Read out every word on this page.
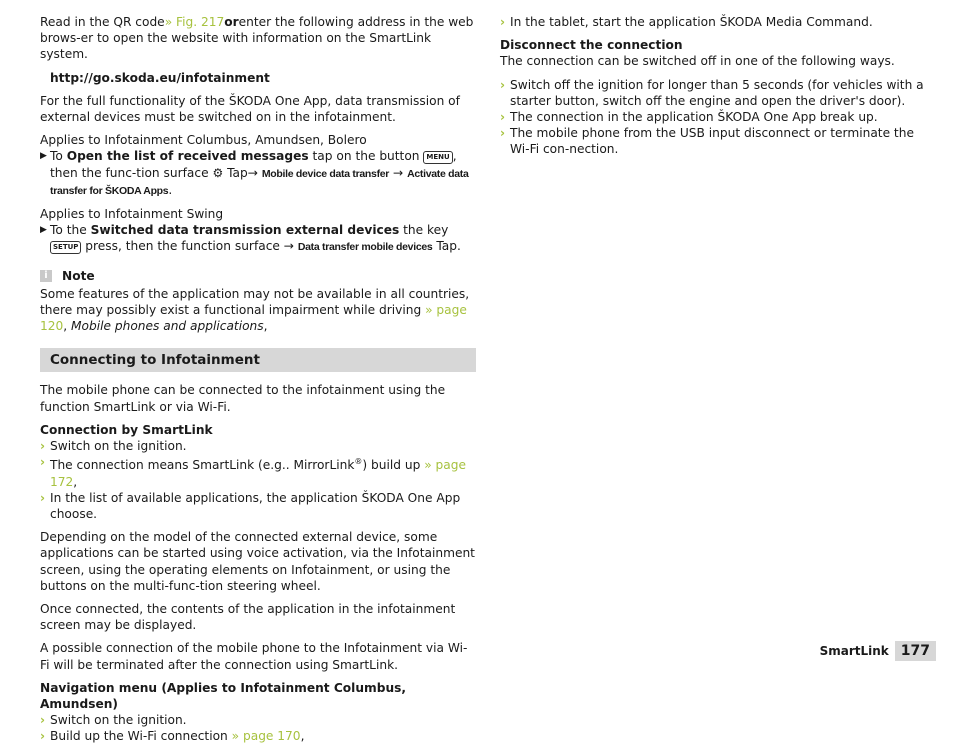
Read in the QR code» Fig. 217orenter the following address in the web brows-er to open the website with information on the SmartLink system.

http://go.skoda.eu/infotainment

For the full functionality of the ŠKODA One App, data transmission of external devices must be switched on in the infotainment.

Applies to Infotainment Columbus, Amundsen, Bolero

▶ To Open the list of received messages tap on the button MENU , then the func-tion surface ⚙ Tap→ Mobile device data transfer → Activate data transfer for ŠKODA Apps.

Applies to Infotainment Swing

▶ To the Switched data transmission external devices the key SETUP press, then the function surface → Data transfer mobile devices Tap.
i	Note

Some features of the application may not be available in all countries, there may possibly exist a functional impairment while driving » page 120, Mobile phones and applications,

Connecting to Infotainment

The mobile phone can be connected to the infotainment using the function SmartLink or via Wi-Fi.

Connection by SmartLink

› Switch on the ignition.
› The connection means SmartLink (e.g.. MirrorLink®) build up » page 172,
› In the list of available applications, the application ŠKODA One App choose.

Depending on the model of the connected external device, some applications can be started using voice activation, via the Infotainment screen, using the operating elements on Infotainment, or using the buttons on the multi-func-tion steering wheel.

Once connected, the contents of the application in the infotainment screen may be displayed.

A possible connection of the mobile phone to the Infotainment via Wi-Fi will be terminated after the connection using SmartLink.

Navigation menu (Applies to Infotainment Columbus, Amundsen)

› Switch on the ignition.
› Build up the Wi-Fi connection » page 170,
› In the tablet, start the application ŠKODA Media Command.

Disconnect the connection

The connection can be switched off in one of the following ways.

› Switch off the ignition for longer than 5 seconds (for vehicles with a starter button, switch off the engine and open the driver's door).
› The connection in the application ŠKODA One App break up.
› The mobile phone from the USB input disconnect or terminate the Wi-Fi con-nection.
SmartLink 177
